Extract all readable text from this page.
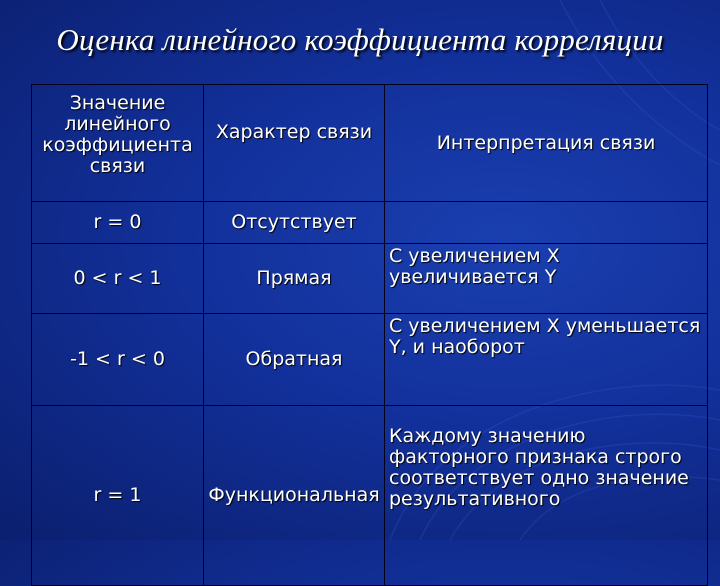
Оценка линейного коэффициента корреляции
Значение линейного коэффициента связи	Характер связи	Интерпретация связи
r = 0	Отсутствует	
0 < r < 1	Прямая	С увеличением X увеличивается Y
-1 < r < 0	Обратная	С увеличением X уменьшается Y, и наоборот
r = 1	Функциональная	Каждому значению факторного признака строго соответствует одно значение результативного
